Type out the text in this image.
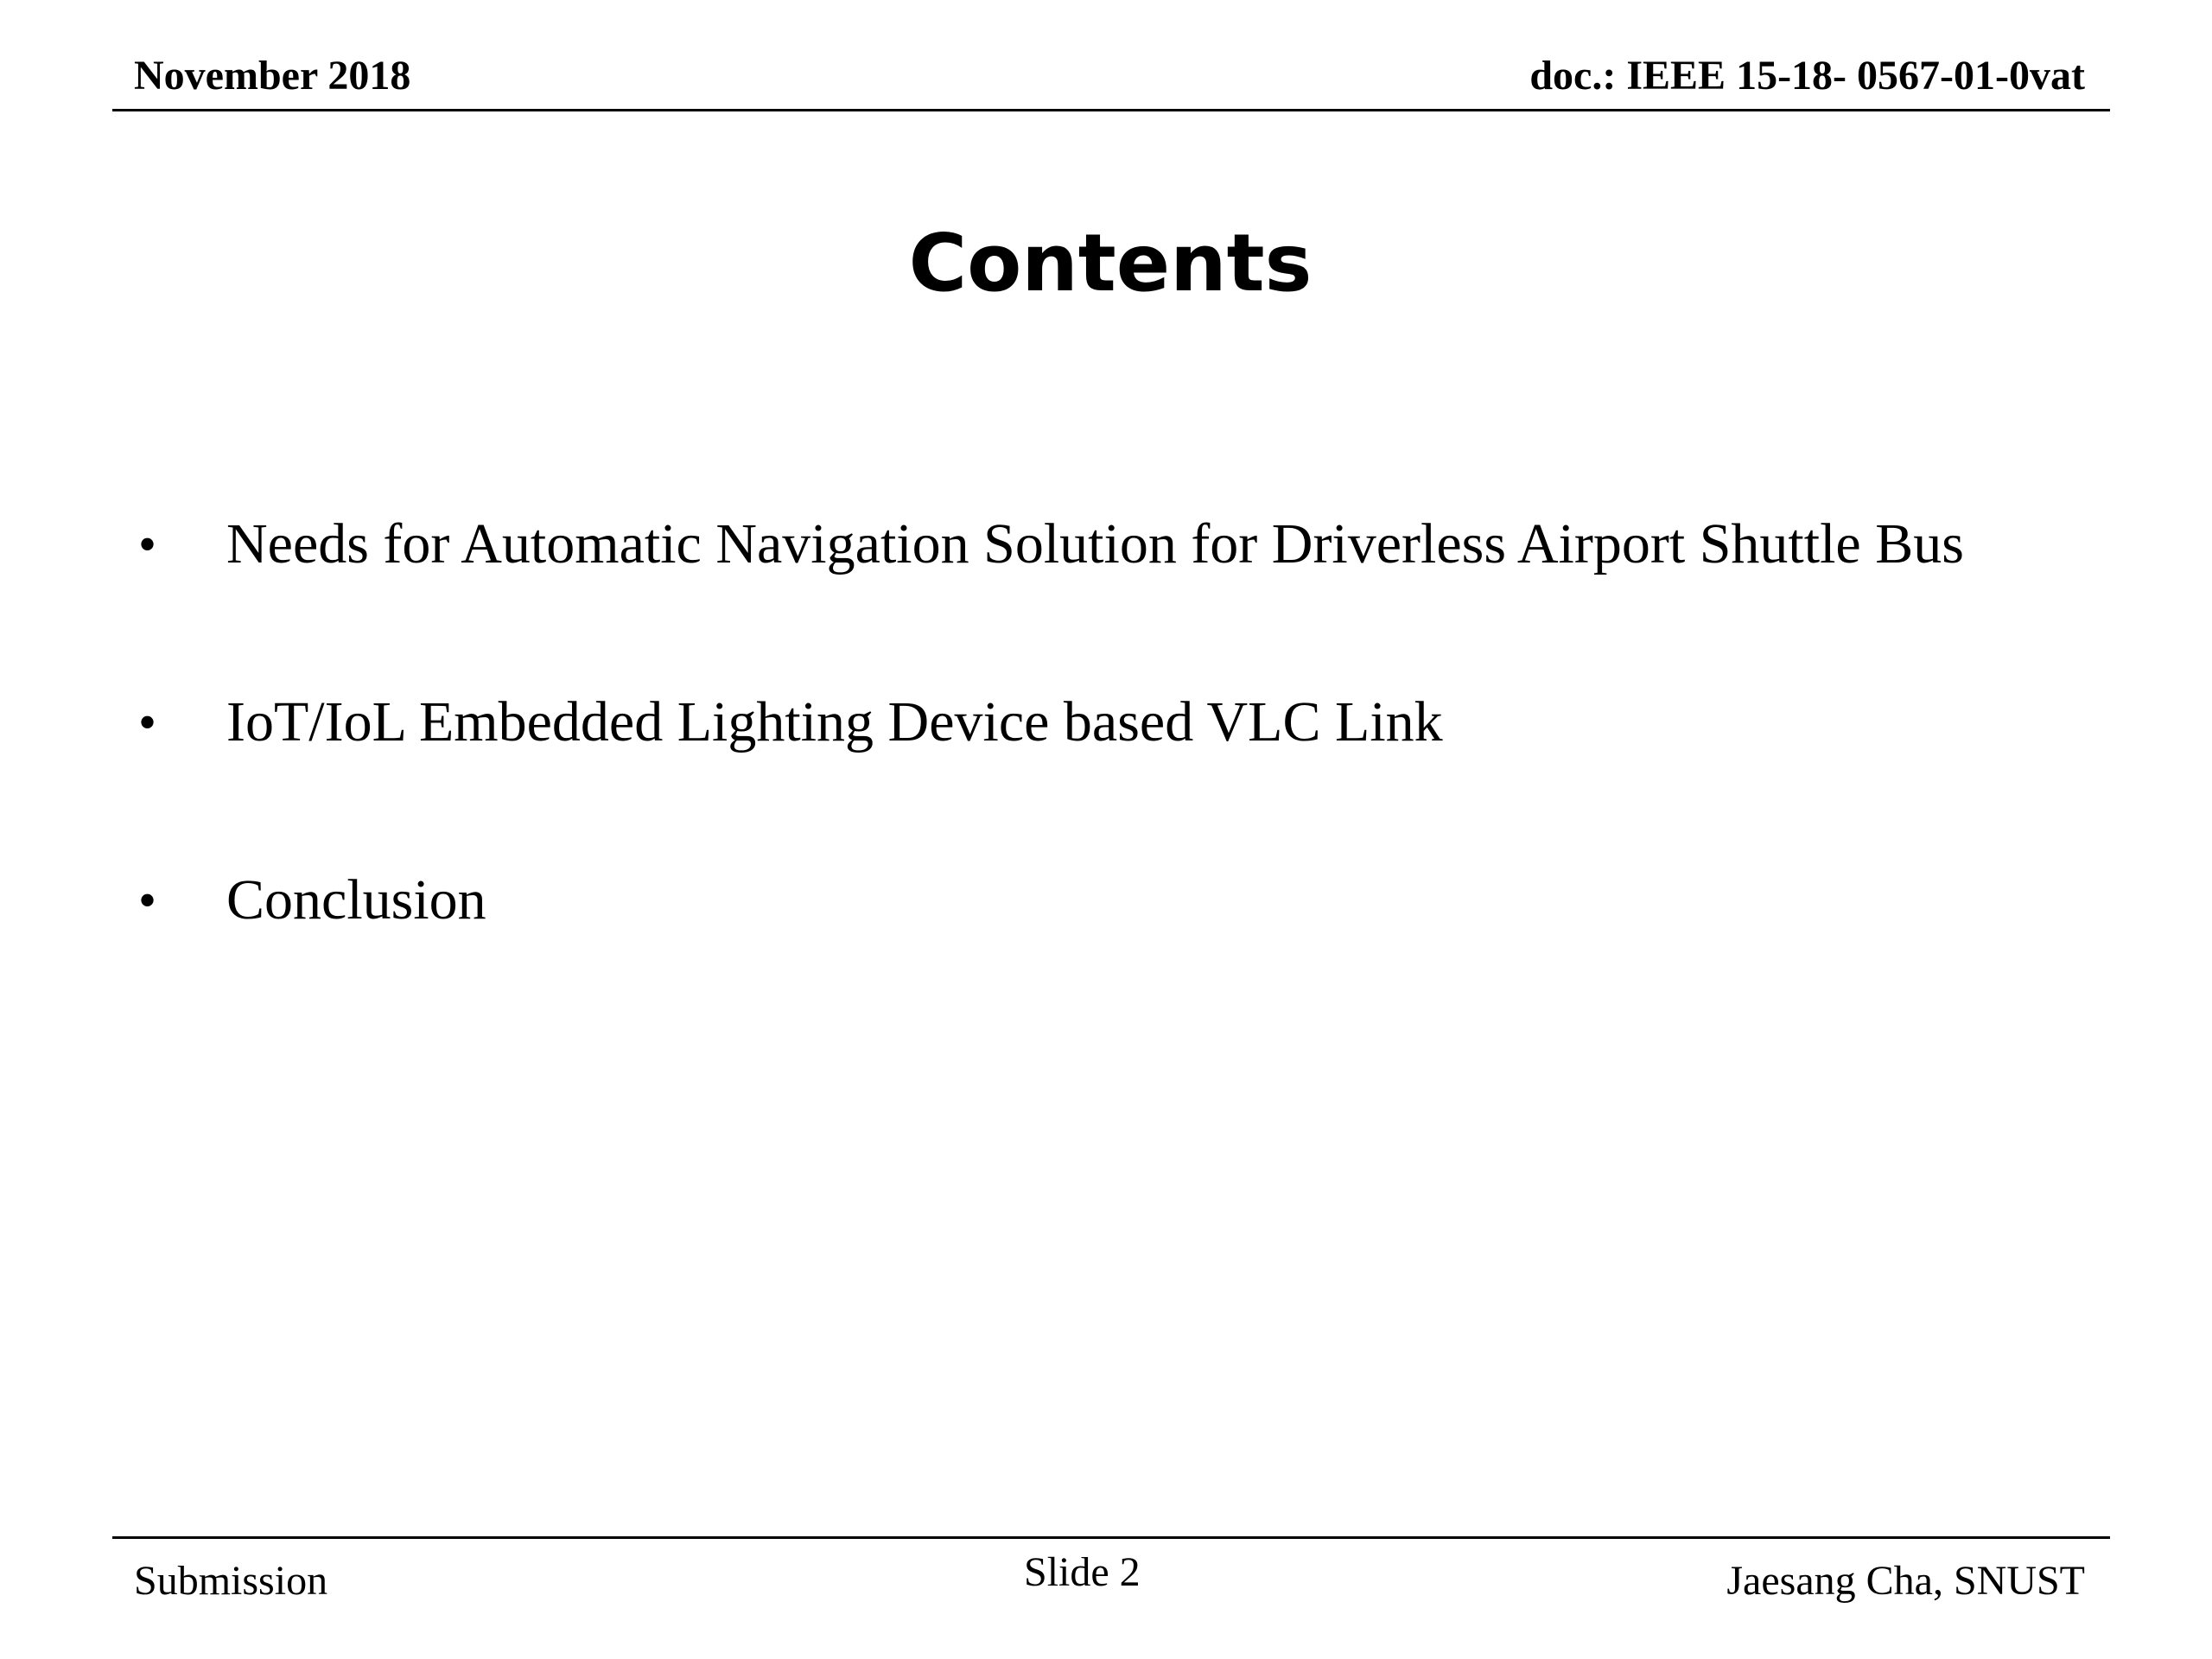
November 2018	doc.: IEEE 15-18- 0567-01-0vat
Contents
• Needs for Automatic Navigation Solution for Driverless Airport Shuttle Bus
• IoT/IoL Embedded Lighting Device based VLC Link
• Conclusion
Submission	Slide 2	Jaesang Cha, SNUST
